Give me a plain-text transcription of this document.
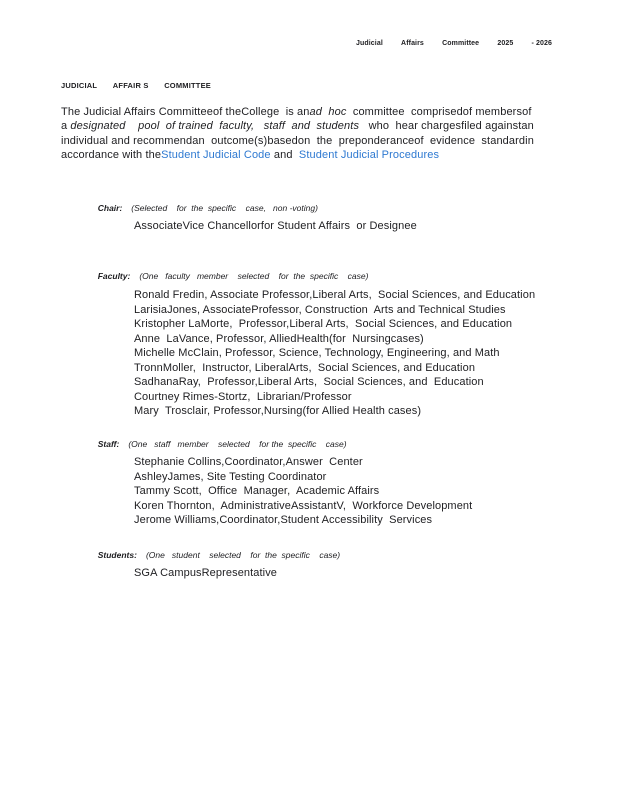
Judicial	Affairs	Committee	2025	- 2026
JUDICIAL AFFAIR S COMMITTEE
The Judicial Affairs Committeeof theCollege  is anad  hoc  committee  comprisedof membersof
a designated    pool  of trained  faculty,   staff  and  students   who  hear chargesfiled againstan
individual and recommendan  outcome(s)basedon  the  preponderanceof  evidence  standardin
accordance with theStudent Judicial Code and  Student Judicial Procedures

Chair: (Selected    for  the  specific    case,   non -voting)

AssociateVice Chancellorfor Student Affairs  or Designee

Faculty: (One   faculty   member    selected    for  the  specific    case)

Ronald Fredin, Associate Professor,Liberal Arts,  Social Sciences, and Education
LarisiaJones, AssociateProfessor, Construction  Arts and Technical Studies
Kristopher LaMorte,  Professor,Liberal Arts,  Social Sciences, and Education
Anne  LaVance, Professor, AlliedHealth(for  Nursingcases)
Michelle McClain, Professor, Science, Technology, Engineering, and Math
TronnMoller,  Instructor, LiberalArts,  Social Sciences, and Education
SadhanaRay,  Professor,Liberal Arts,  Social Sciences, and  Education
Courtney Rimes-Stortz,  Librarian/Professor
Mary  Trosclair, Professor,Nursing(for Allied Health cases)

Staff: (One   staff   member    selected    for the  specific    case)

Stephanie Collins,Coordinator,Answer  Center
AshleyJames, Site Testing Coordinator
Tammy Scott,  Office  Manager,  Academic Affairs
Koren Thornton,  AdministrativeAssistantV,  Workforce Development
Jerome Williams,Coordinator,Student Accessibility  Services

Students: (One   student    selected    for  the  specific    case)

SGA CampusRepresentative
